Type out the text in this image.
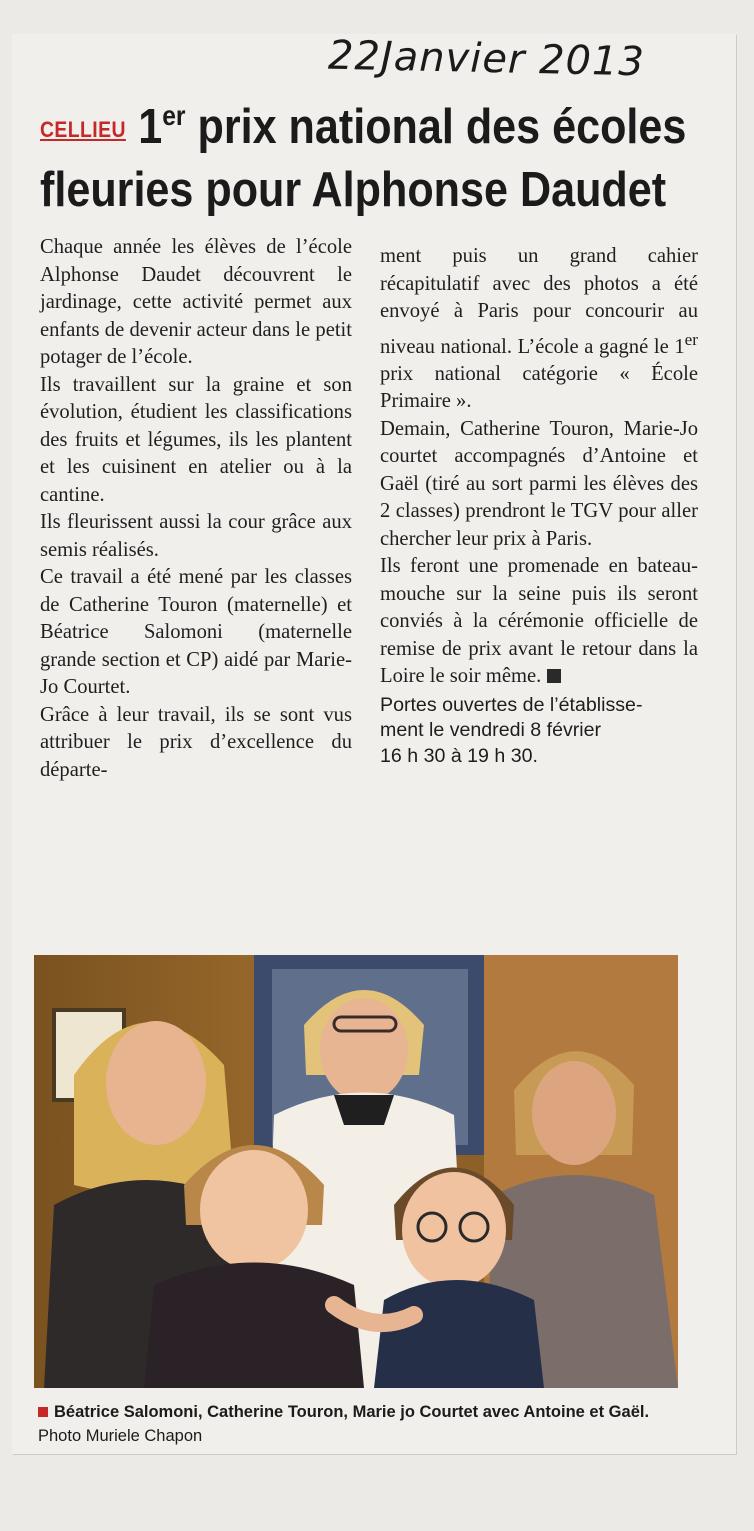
22Janvier 2013
CELLIEU 1er prix national des écoles
fleuries pour Alphonse Daudet

Chaque année les élèves de l’école Alphonse Daudet découvrent le jardinage, cette activité permet aux enfants de devenir acteur dans le petit potager de l’école.

Ils travaillent sur la graine et son évolution, étudient les classifications des fruits et légumes, ils les plantent et les cuisinent en atelier ou à la cantine.

Ils fleurissent aussi la cour grâce aux semis réalisés.

Ce travail a été mené par les classes de Catherine Touron (maternelle) et Béatrice Salomoni (maternelle grande section et CP) aidé par Marie-Jo Courtet.

Grâce à leur travail, ils se sont vus attribuer le prix d’excellence du départe-

ment puis un grand cahier récapitulatif avec des photos a été envoyé à Paris pour concourir au niveau national. L’école a gagné le 1er prix national catégorie « École Primaire ».

Demain, Catherine Touron, Marie-Jo courtet accompagnés d’Antoine et Gaël (tiré au sort parmi les élèves des 2 classes) prendront le TGV pour aller chercher leur prix à Paris.

Ils feront une promenade en bateau-mouche sur la seine puis ils seront conviés à la cérémonie officielle de remise de prix avant le retour dans la Loire le soir même.

Portes ouvertes de l’établisse-
ment le vendredi 8 février
16 h 30 à 19 h 30.
Béatrice Salomoni, Catherine Touron, Marie jo Courtet avec Antoine et Gaël. Photo Muriele Chapon
